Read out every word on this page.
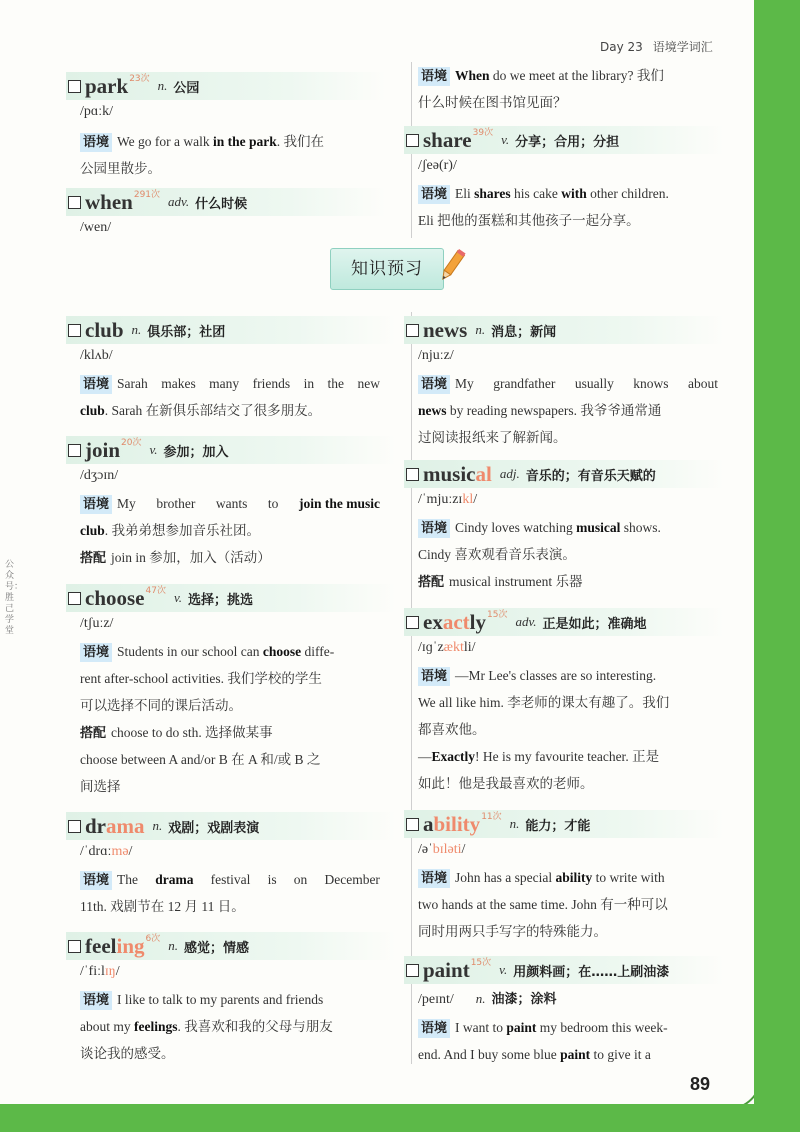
公众号：胜己学堂
Day 23 语境学词汇
知识预习
park 23次 n. 公园
/pɑːk/
语境 We go for a walk in the park. 我们在
公园里散步。
when 291次 adv. 什么时候
/wen/
语境 When do we meet at the library? 我们
什么时候在图书馆见面？
share 39次 v. 分享；合用；分担
/ʃeə(r)/
语境 Eli shares his cake with other children.
Eli 把他的蛋糕和其他孩子一起分享。
club n. 俱乐部；社团
/klʌb/
语境 Sarah makes many friends in the new
club. Sarah 在新俱乐部结交了很多朋友。
join 20次 v. 参加；加入
/dʒɔɪn/
语境 My brother wants to join the music
club. 我弟弟想参加音乐社团。
搭配 join in 参加，加入（活动）
choose 47次 v. 选择；挑选
/tʃuːz/
语境 Students in our school can choose diffe-
rent after-school activities. 我们学校的学生
可以选择不同的课后活动。
搭配 choose to do sth. 选择做某事
choose between A and/or B 在 A 和/或 B 之
间选择
drama n. 戏剧；戏剧表演
/ˈdrɑːmə/
语境 The drama festival is on December
11th. 戏剧节在 12 月 11 日。
feeling 6次 n. 感觉；情感
/ˈfiːlɪŋ/
语境 I like to talk to my parents and friends
about my feelings. 我喜欢和我的父母与朋友
谈论我的感受。
news n. 消息；新闻
/njuːz/
语境 My grandfather usually knows about
news by reading newspapers. 我爷爷通常通
过阅读报纸来了解新闻。
musical adj. 音乐的；有音乐天赋的
/ˈmjuːzɪkl/
语境 Cindy loves watching musical shows.
Cindy 喜欢观看音乐表演。
搭配 musical instrument 乐器
exactly 15次 adv. 正是如此；准确地
/ɪɡˈzæktli/
语境 —Mr Lee's classes are so interesting.
We all like him. 李老师的课太有趣了。我们
都喜欢他。
—Exactly! He is my favourite teacher. 正是
如此！他是我最喜欢的老师。
ability 11次 n. 能力；才能
/əˈbɪləti/
语境 John has a special ability to write with
two hands at the same time. John 有一种可以
同时用两只手写字的特殊能力。
paint 15次 v. 用颜料画；在……上刷油漆
/peɪnt/ n. 油漆；涂料
语境 I want to paint my bedroom this week-
end. And I buy some blue paint to give it a
89
